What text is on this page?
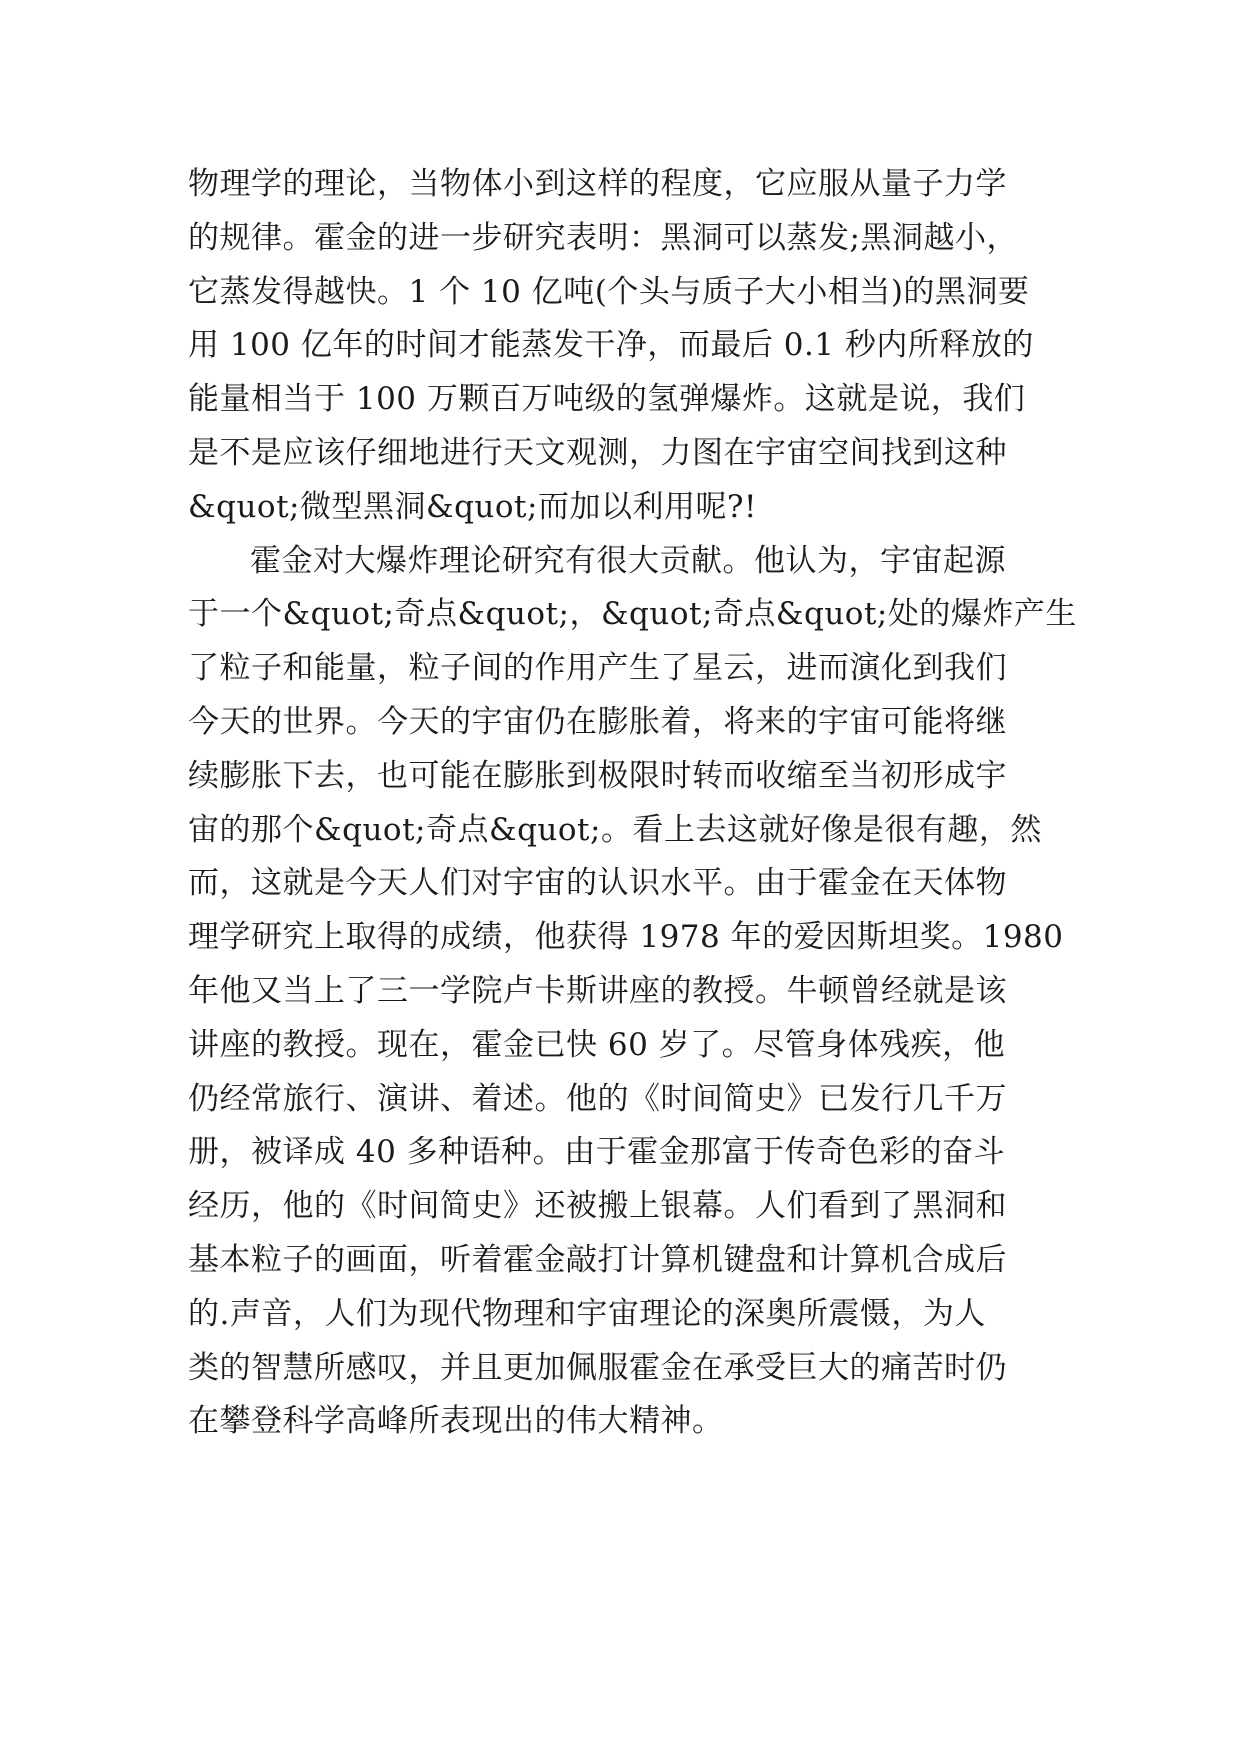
物理学的理论，当物体小到这样的程度，它应服从量子力学
的规律。霍金的进一步研究表明：黑洞可以蒸发;黑洞越小，
它蒸发得越快。1 个 10 亿吨(个头与质子大小相当)的黑洞要
用 100 亿年的时间才能蒸发干净，而最后 0.1 秒内所释放的
能量相当于 100 万颗百万吨级的氢弹爆炸。这就是说，我们
是不是应该仔细地进行天文观测，力图在宇宙空间找到这种
&quot;微型黑洞&quot;而加以利用呢?!
霍金对大爆炸理论研究有很大贡献。他认为，宇宙起源
于一个&quot;奇点&quot;，&quot;奇点&quot;处的爆炸产生
了粒子和能量，粒子间的作用产生了星云，进而演化到我们
今天的世界。今天的宇宙仍在膨胀着，将来的宇宙可能将继
续膨胀下去，也可能在膨胀到极限时转而收缩至当初形成宇
宙的那个&quot;奇点&quot;。看上去这就好像是很有趣，然
而，这就是今天人们对宇宙的认识水平。由于霍金在天体物
理学研究上取得的成绩，他获得 1978 年的爱因斯坦奖。1980
年他又当上了三一学院卢卡斯讲座的教授。牛顿曾经就是该
讲座的教授。现在，霍金已快 60 岁了。尽管身体残疾，他
仍经常旅行、演讲、着述。他的《时间简史》已发行几千万
册，被译成 40 多种语种。由于霍金那富于传奇色彩的奋斗
经历，他的《时间简史》还被搬上银幕。人们看到了黑洞和
基本粒子的画面，听着霍金敲打计算机键盘和计算机合成后
的.声音，人们为现代物理和宇宙理论的深奥所震慑，为人
类的智慧所感叹，并且更加佩服霍金在承受巨大的痛苦时仍
在攀登科学高峰所表现出的伟大精神。
